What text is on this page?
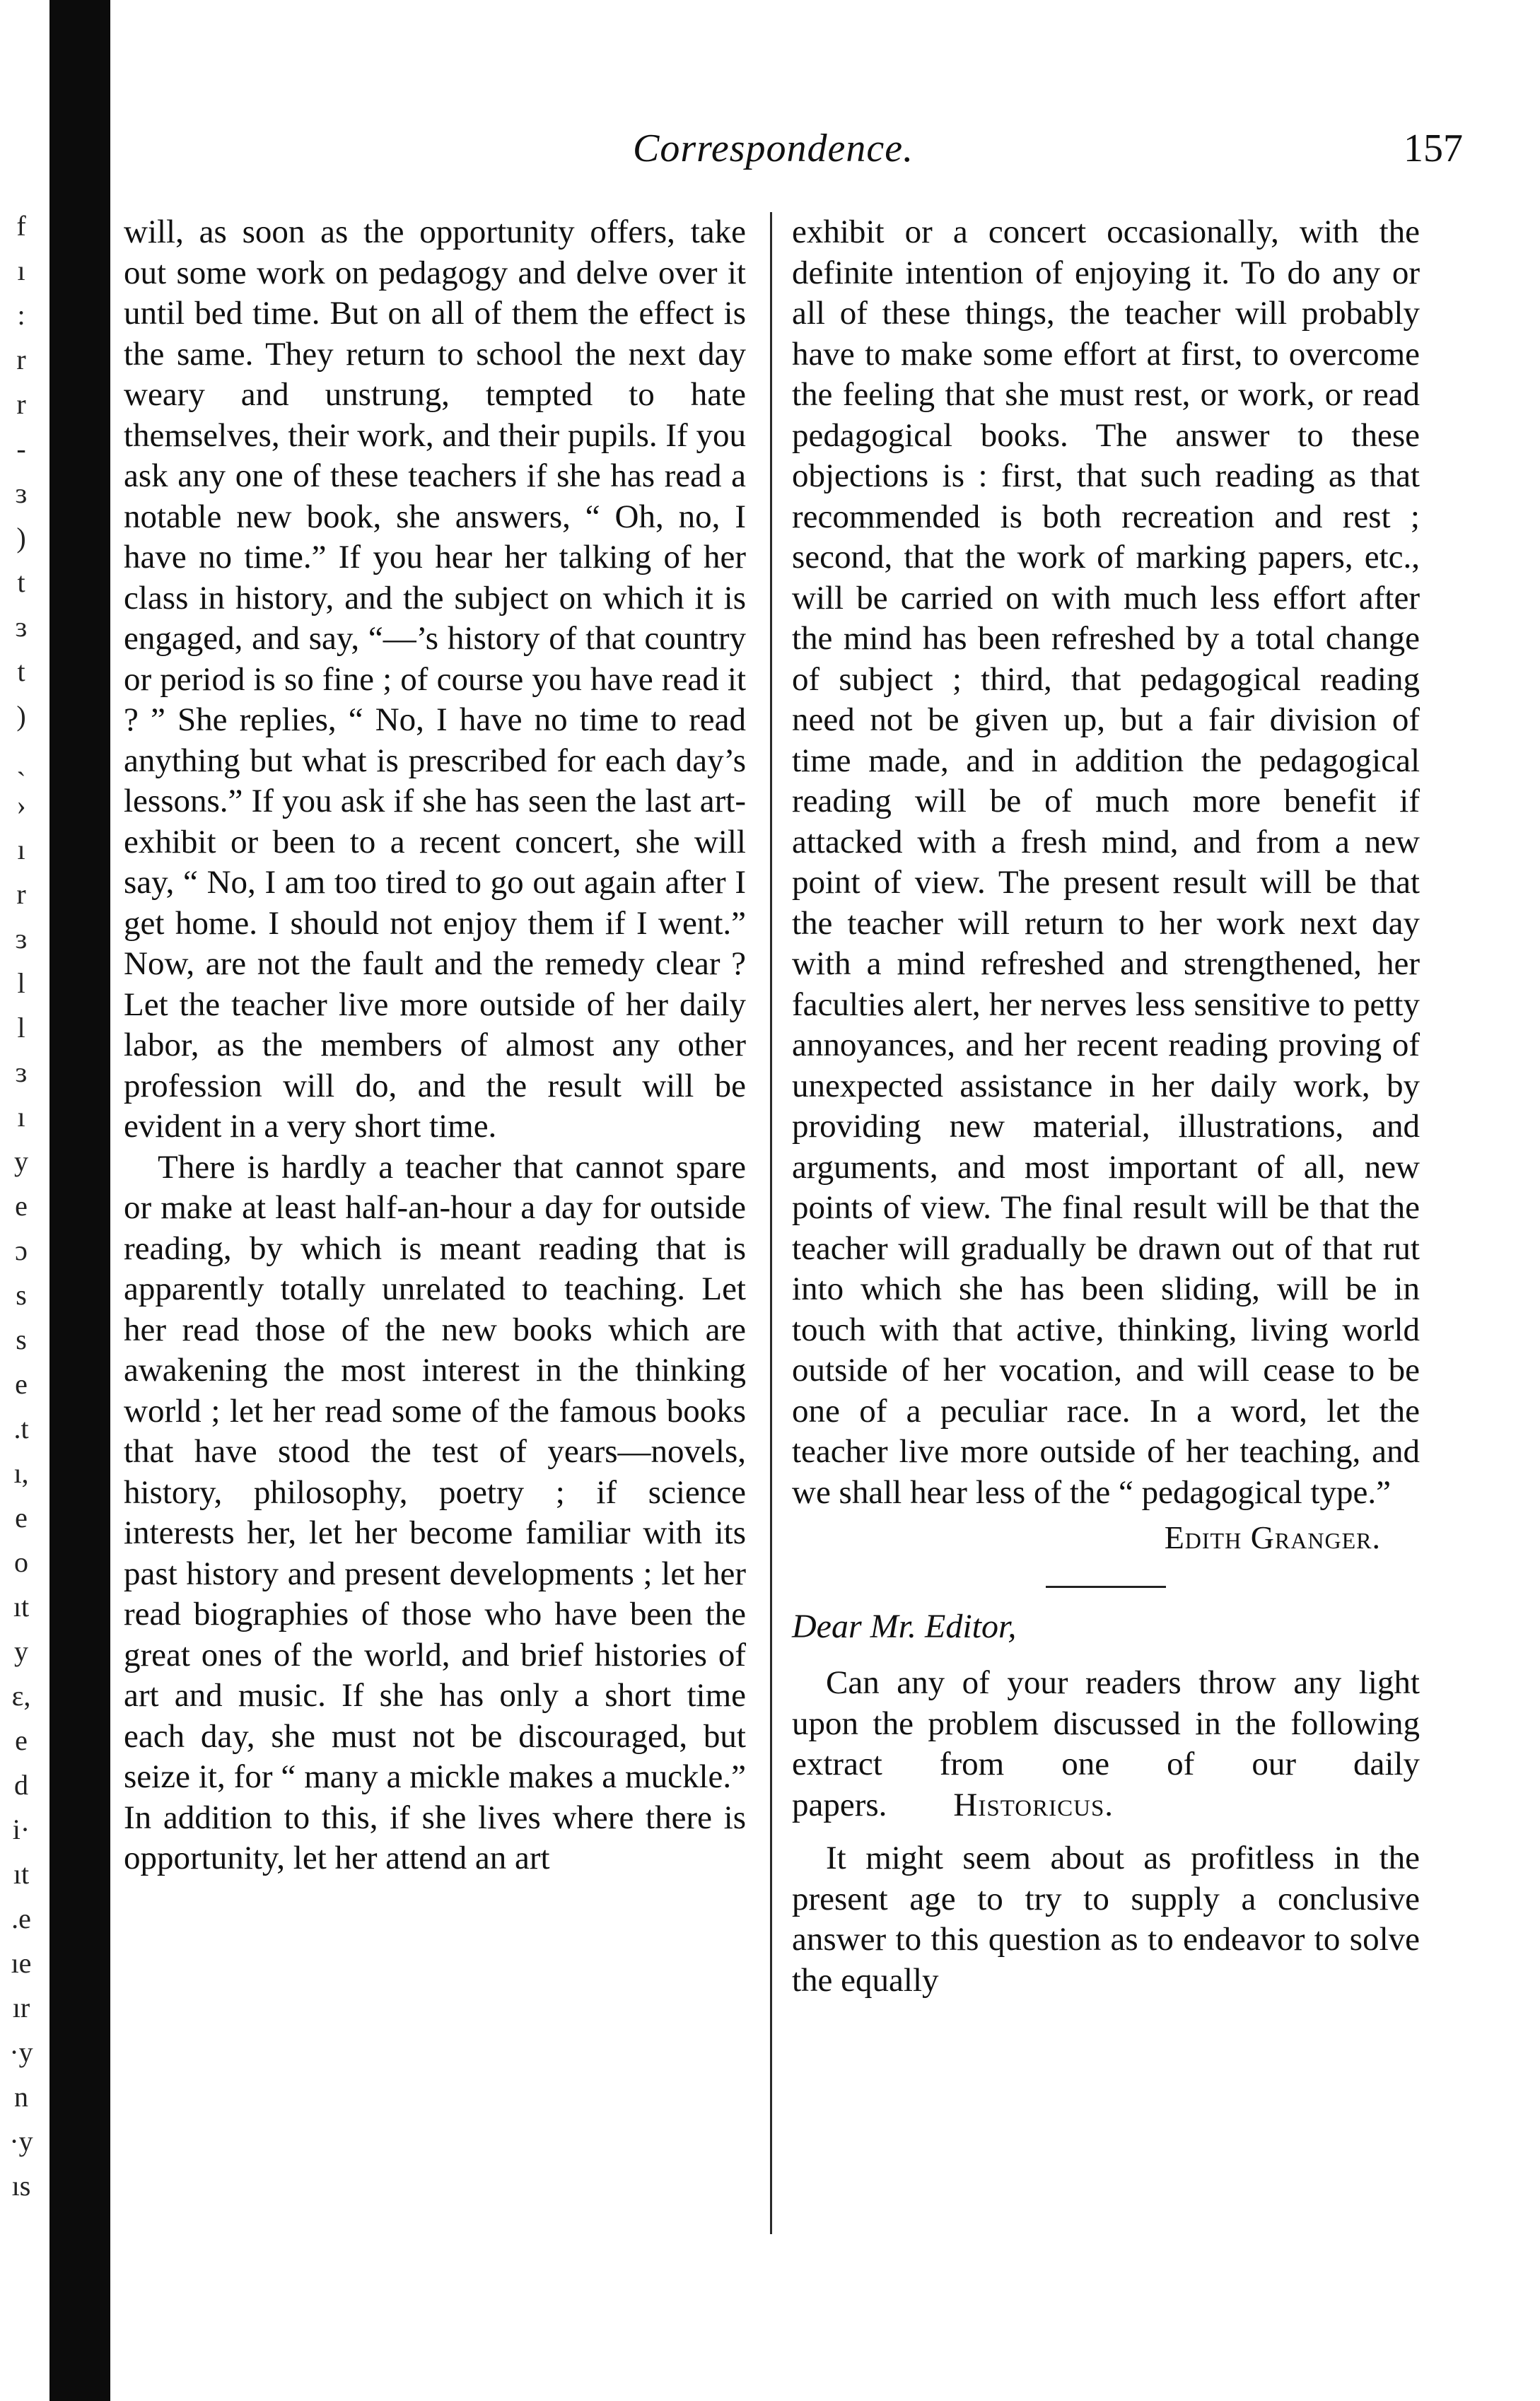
f
ı
:
r
r
-
ɜ
)
t
ɜ
t
)
ˎ
›
ı
r
ɜ
l
l
ɜ
ı
y
e
ɔ
s
s
e
.t
ı,
e
o
ıt
y
ɛ,
e
d
i·
ıt
.e
ıe
ır
·y
n
·y
ıs
Correspondence.	157

will, as soon as the opportunity offers, take out some work on pedagogy and delve over it until bed time. But on all of them the effect is the same. They return to school the next day weary and unstrung, tempted to hate themselves, their work, and their pupils. If you ask any one of these teachers if she has read a notable new book, she answers, “ Oh, no, I have no time.” If you hear her talking of her class in history, and the subject on which it is engaged, and say, “—’s history of that country or period is so fine ; of course you have read it ? ” She replies, “ No, I have no time to read anything but what is prescribed for each day’s lessons.” If you ask if she has seen the last art-exhibit or been to a recent concert, she will say, “ No, I am too tired to go out again after I get home. I should not enjoy them if I went.” Now, are not the fault and the remedy clear ? Let the teacher live more outside of her daily labor, as the members of almost any other profession will do, and the result will be evident in a very short time.

There is hardly a teacher that cannot spare or make at least half-an-hour a day for outside reading, by which is meant reading that is apparently totally unrelated to teaching. Let her read those of the new books which are awakening the most interest in the thinking world ; let her read some of the famous books that have stood the test of years—novels, history, philosophy, poetry ; if science interests her, let her become familiar with its past history and present developments ; let her read biographies of those who have been the great ones of the world, and brief histories of art and music. If she has only a short time each day, she must not be discouraged, but seize it, for “ many a mickle makes a muckle.” In addition to this, if she lives where there is opportunity, let her attend an art

exhibit or a concert occasionally, with the definite intention of enjoying it. To do any or all of these things, the teacher will probably have to make some effort at first, to overcome the feeling that she must rest, or work, or read pedagogical books. The answer to these objections is : first, that such reading as that recommended is both recreation and rest ; second, that the work of marking papers, etc., will be carried on with much less effort after the mind has been refreshed by a total change of subject ; third, that pedagogical reading need not be given up, but a fair division of time made, and in addition the pedagogical reading will be of much more benefit if attacked with a fresh mind, and from a new point of view. The present result will be that the teacher will return to her work next day with a mind refreshed and strengthened, her faculties alert, her nerves less sensitive to petty annoyances, and her recent reading proving of unexpected assistance in her daily work, by providing new material, illustrations, and arguments, and most important of all, new points of view. The final result will be that the teacher will gradually be drawn out of that rut into which she has been sliding, will be in touch with that active, thinking, living world outside of her vocation, and will cease to be one of a peculiar race. In a word, let the teacher live more outside of her teaching, and we shall hear less of the “ pedagogical type.”

Edith Granger.

Dear Mr. Editor,

Can any of your readers throw any light upon the problem discussed in the following extract from one of our daily papers. Historicus.

It might seem about as profitless in the present age to try to supply a conclusive answer to this question as to endeavor to solve the equally
